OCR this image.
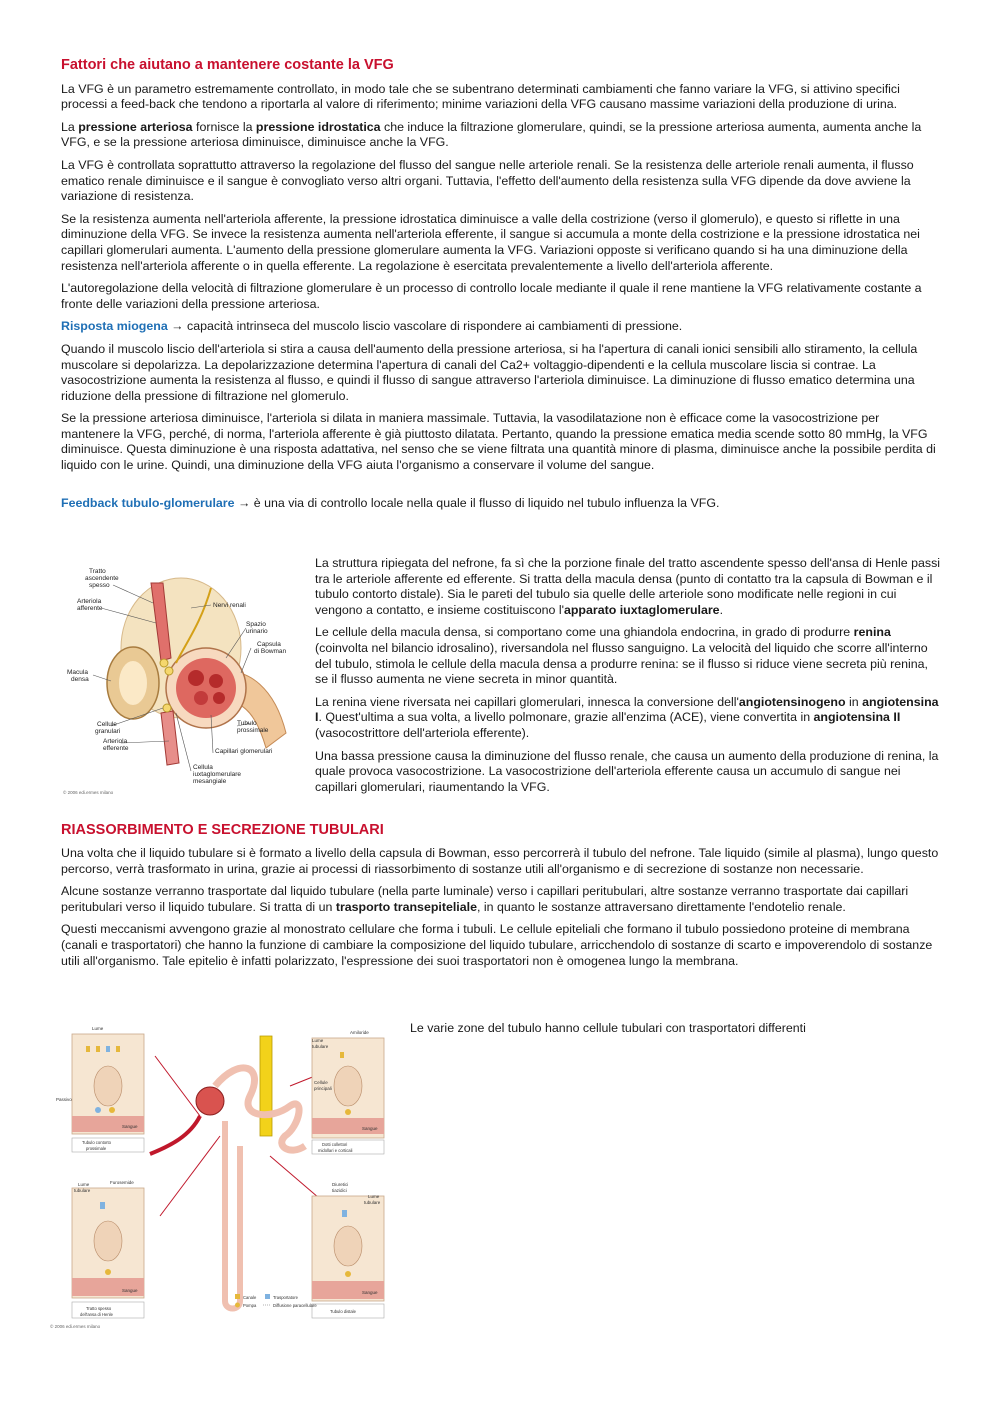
Fattori che aiutano a mantenere costante la VFG

La VFG è un parametro estremamente controllato, in modo tale che se subentrano determinati cambiamenti che fanno variare la VFG, si attivino specifici processi a feed-back che tendono a riportarla al valore di riferimento; minime variazioni della VFG causano massime variazioni della produzione di urina.

La pressione arteriosa fornisce la pressione idrostatica che induce la filtrazione glomerulare, quindi, se la pressione arteriosa aumenta, aumenta anche la VFG, e se la pressione arteriosa diminuisce, diminuisce anche la VFG.

La VFG è controllata soprattutto attraverso la regolazione del flusso del sangue nelle arteriole renali. Se la resistenza delle arteriole renali aumenta, il flusso ematico renale diminuisce e il sangue è convogliato verso altri organi. Tuttavia, l'effetto dell'aumento della resistenza sulla VFG dipende da dove avviene la variazione di resistenza.

Se la resistenza aumenta nell'arteriola afferente, la pressione idrostatica diminuisce a valle della costrizione (verso il glomerulo), e questo si riflette in una diminuzione della VFG. Se invece la resistenza aumenta nell'arteriola efferente, il sangue si accumula a monte della costrizione e la pressione idrostatica nei capillari glomerulari aumenta. L'aumento della pressione glomerulare aumenta la VFG. Variazioni opposte si verificano quando si ha una diminuzione della resistenza nell'arteriola afferente o in quella efferente. La regolazione è esercitata prevalentemente a livello dell'arteriola afferente.

L'autoregolazione della velocità di filtrazione glomerulare è un processo di controllo locale mediante il quale il rene mantiene la VFG relativamente costante a fronte delle variazioni della pressione arteriosa.

Risposta miogena → capacità intrinseca del muscolo liscio vascolare di rispondere ai cambiamenti di pressione.

Quando il muscolo liscio dell'arteriola si stira a causa dell'aumento della pressione arteriosa, si ha l'apertura di canali ionici sensibili allo stiramento, la cellula muscolare si depolarizza. La depolarizzazione determina l'apertura di canali del Ca2+ voltaggio-dipendenti e la cellula muscolare liscia si contrae. La vasocostrizione aumenta la resistenza al flusso, e quindi il flusso di sangue attraverso l'arteriola diminuisce. La diminuzione di flusso ematico determina una riduzione della pressione di filtrazione nel glomerulo.

Se la pressione arteriosa diminuisce, l'arteriola si dilata in maniera massimale. Tuttavia, la vasodilatazione non è efficace come la vasocostrizione per mantenere la VFG, perché, di norma, l'arteriola afferente è già piuttosto dilatata. Pertanto, quando la pressione ematica media scende sotto 80 mmHg, la VFG diminuisce. Questa diminuzione è una risposta adattativa, nel senso che se viene filtrata una quantità minore di plasma, diminuisce anche la possibile perdita di liquido con le urine. Quindi, una diminuzione della VFG aiuta l'organismo a conservare il volume del sangue.

Feedback tubulo-glomerulare → è una via di controllo locale nella quale il flusso di liquido nel tubulo influenza la VFG.

Tratto
ascendente
spesso
Arteriola
afferente	Nervi renali
Spazio
urinario
Capsula
di Bowman
Macula
densa
Cellule
granulari
Arteriola
efferente
Tubulo
prossimale
Capillari glomerulari
Cellula
iuxtaglomerulare
mesangiale
© 2006 edi.ermes milano

La struttura ripiegata del nefrone, fa sì che la porzione finale del tratto ascendente spesso dell'ansa di Henle passi tra le arteriole afferente ed efferente. Si tratta della macula densa (punto di contatto tra la capsula di Bowman e il tubulo contorto distale). Sia le pareti del tubulo sia quelle delle arteriole sono modificate nelle regioni in cui vengono a contatto, e insieme costituiscono l'apparato iuxtaglomerulare.

Le cellule della macula densa, si comportano come una ghiandola endocrina, in grado di produrre renina (coinvolta nel bilancio idrosalino), riversandola nel flusso sanguigno. La velocità del liquido che scorre all'interno del tubulo, stimola le cellule della macula densa a produrre renina: se il flusso si riduce viene secreta più renina, se il flusso aumenta ne viene secreta in minor quantità.

La renina viene riversata nei capillari glomerulari, innesca la conversione dell'angiotensinogeno in angiotensina I. Quest'ultima a sua volta, a livello polmonare, grazie all'enzima (ACE), viene convertita in angiotensina II (vasocostrittore dell'arteriola efferente).

Una bassa pressione causa la diminuzione del flusso renale, che causa un aumento della produzione di renina, la quale provoca vasocostrizione. La vasocostrizione dell'arteriola efferente causa un accumulo di sangue nei capillari glomerulari, riaumentando la VFG.

RIASSORBIMENTO E SECREZIONE TUBULARI

Una volta che il liquido tubulare si è formato a livello della capsula di Bowman, esso percorrerà il tubulo del nefrone. Tale liquido (simile al plasma), lungo questo percorso, verrà trasformato in urina, grazie ai processi di riassorbimento di sostanze utili all'organismo e di secrezione di sostanze non necessarie.

Alcune sostanze verranno trasportate dal liquido tubulare (nella parte luminale) verso i capillari peritubulari, altre sostanze verranno trasportate dai capillari peritubulari verso il liquido tubulare. Si tratta di un trasporto transepiteliale, in quanto le sostanze attraversano direttamente l'endotelio renale.

Questi meccanismi avvengono grazie al monostrato cellulare che forma i tubuli. Le cellule epiteliali che formano il tubulo possiedono proteine di membrana (canali e trasportatori) che hanno la funzione di cambiare la composizione del liquido tubulare, arricchendolo di sostanze di scarto e impoverendolo di sostanze utili all'organismo. Tale epitelio è infatti polarizzato, l'espressione dei suoi trasportatori non è omogenea lungo la membrana.

Lume
Passivo
Sangue
Tubulo contorto
prossimale
Lume
tubulare
Furosemide
Sangue
Tratto spesso
dell'ansa di Henle
Amiloride
Lume
tubulare
Cellule
principali
Sangue
Dotti collettori
midollari e corticali
Diuretici
tiazidici
Lume
tubulare
Sangue
Tubulo distale
Canale	Trasportatore
Pompa	Diffusione paracellulare
© 2006 edi.ermes milano
Le varie zone del tubulo hanno cellule tubulari con trasportatori differenti
